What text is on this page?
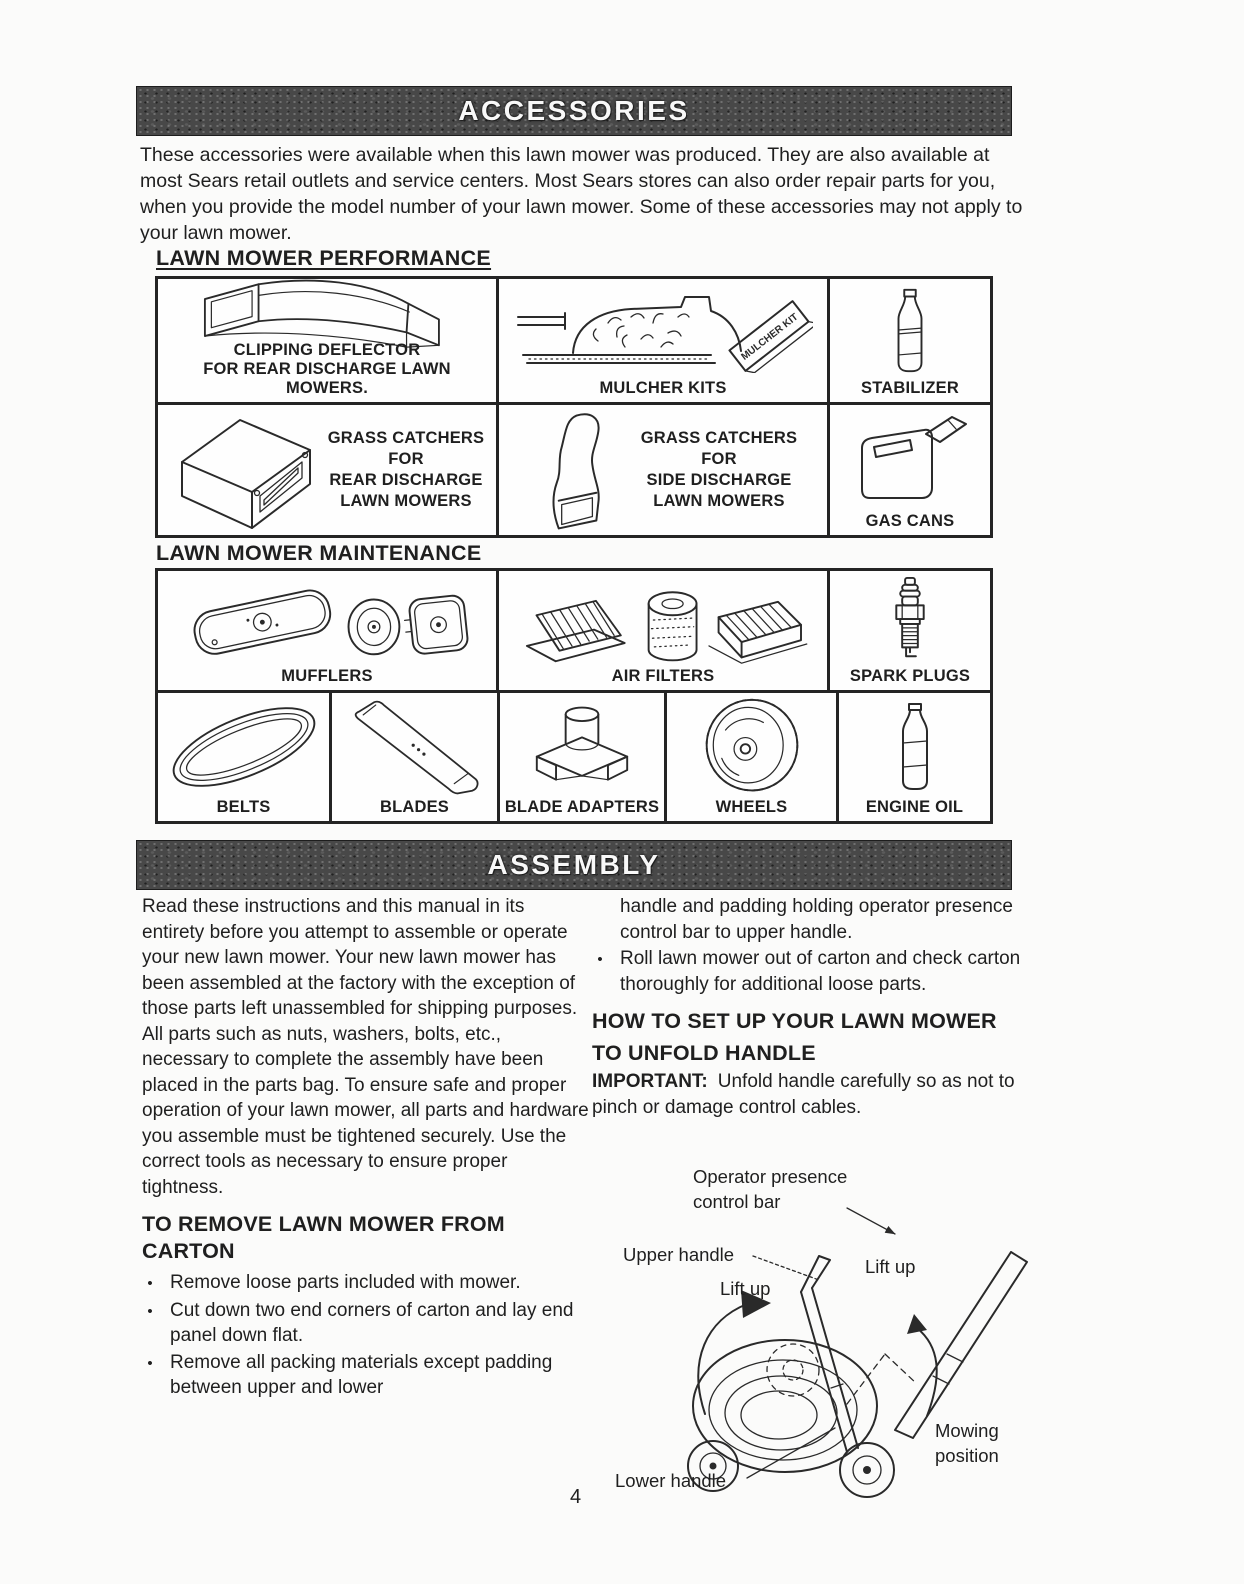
ACCESSORIES

These accessories were available when this lawn mower was produced. They are also available at most Sears retail outlets and service centers. Most Sears stores can also order repair parts for you, when you provide the model number of your lawn mower. Some of these accessories may not apply to your lawn mower.

LAWN MOWER PERFORMANCE
CLIPPING DEFLECTOR
FOR REAR DISCHARGE LAWN MOWERS.
MULCHER KIT
MULCHER KITS	STABILIZER
GRASS CATCHERS
FOR
REAR DISCHARGE
LAWN MOWERS
GRASS CATCHERS
FOR
SIDE DISCHARGE
LAWN MOWERS
GAS CANS
LAWN MOWER MAINTENANCE
MUFFLERS	AIR FILTERS	SPARK PLUGS
BELTS	BLADES	BLADE ADAPTERS	WHEELS	ENGINE OIL
ASSEMBLY

Read these instructions and this manual in its entirety before you attempt to assemble or operate your new lawn mower. Your new lawn mower has been assembled at the factory with the exception of those parts left unassembled for shipping purposes. All parts such as nuts, washers, bolts, etc., necessary to complete the assembly have been placed in the parts bag. To ensure safe and proper operation of your lawn mower, all parts and hardware you assemble must be tightened securely. Use the correct tools as necessary to ensure proper tightness.

TO REMOVE LAWN MOWER FROM CARTON
•
Remove loose parts included with mower.
•
Cut down two end corners of carton and lay end panel down flat.
•
Remove all packing materials except padding between upper and lower

handle and padding holding operator presence control bar to upper handle.

•
Roll lawn mower out of carton and check carton thoroughly for additional loose parts.
HOW TO SET UP YOUR LAWN MOWER
TO UNFOLD HANDLE

IMPORTANT: Unfold handle carefully so as not to pinch or damage control cables.

Operator presence
control bar
Upper handle
Lift up
Lift up
Mowing
position
Lower handle
4
